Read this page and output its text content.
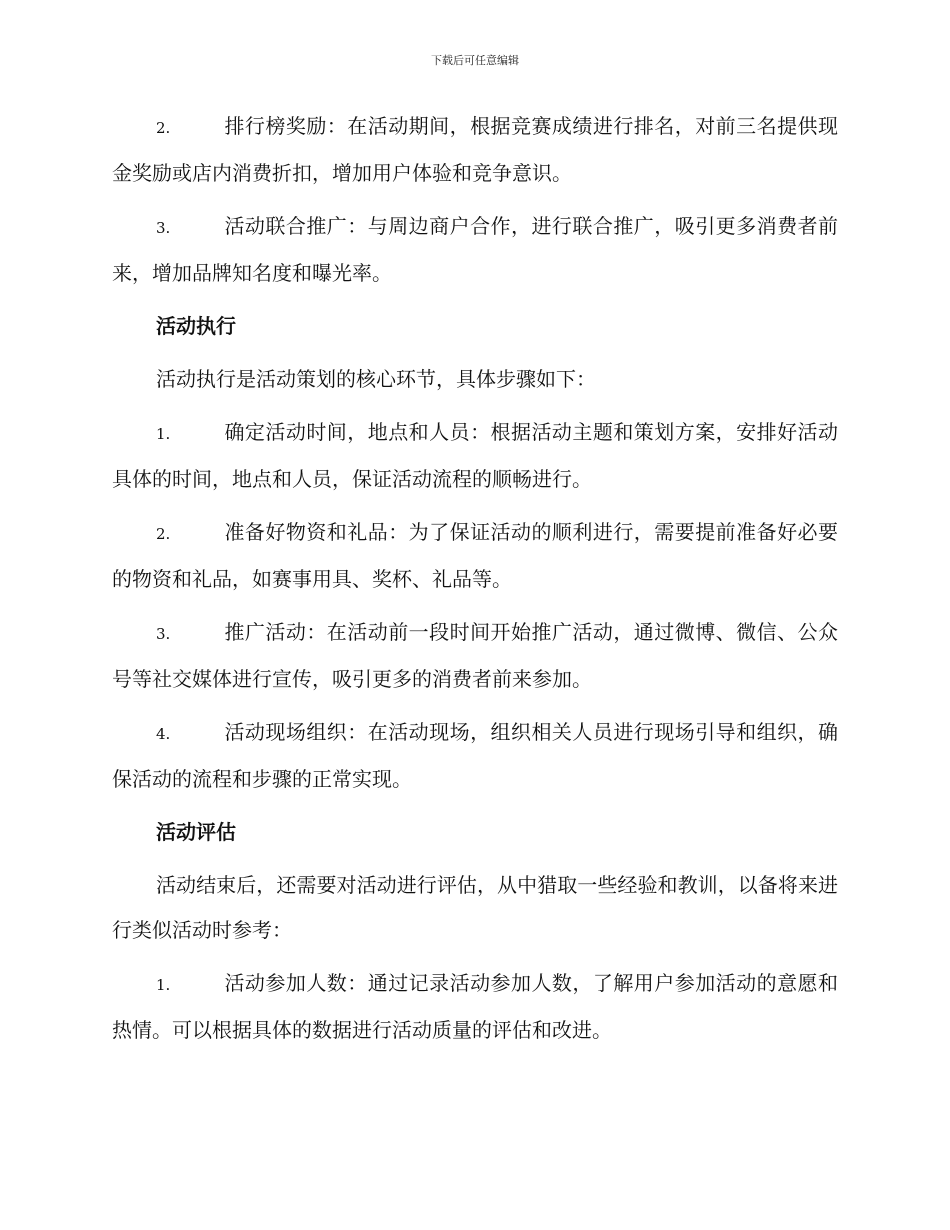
下载后可任意编辑

2.	排行榜奖励：在活动期间，根据竞赛成绩进行排名，对前三名提供现金奖励或店内消费折扣，增加用户体验和竞争意识。

3.	活动联合推广：与周边商户合作，进行联合推广，吸引更多消费者前来，增加品牌知名度和曝光率。

活动执行

活动执行是活动策划的核心环节，具体步骤如下：

1.	确定活动时间，地点和人员：根据活动主题和策划方案，安排好活动具体的时间，地点和人员，保证活动流程的顺畅进行。

2.	准备好物资和礼品：为了保证活动的顺利进行，需要提前准备好必要的物资和礼品，如赛事用具、奖杯、礼品等。

3.	推广活动：在活动前一段时间开始推广活动，通过微博、微信、公众号等社交媒体进行宣传，吸引更多的消费者前来参加。

4.	活动现场组织：在活动现场，组织相关人员进行现场引导和组织，确保活动的流程和步骤的正常实现。

活动评估

活动结束后，还需要对活动进行评估，从中猎取一些经验和教训，以备将来进行类似活动时参考：

1.	活动参加人数：通过记录活动参加人数，了解用户参加活动的意愿和热情。可以根据具体的数据进行活动质量的评估和改进。
